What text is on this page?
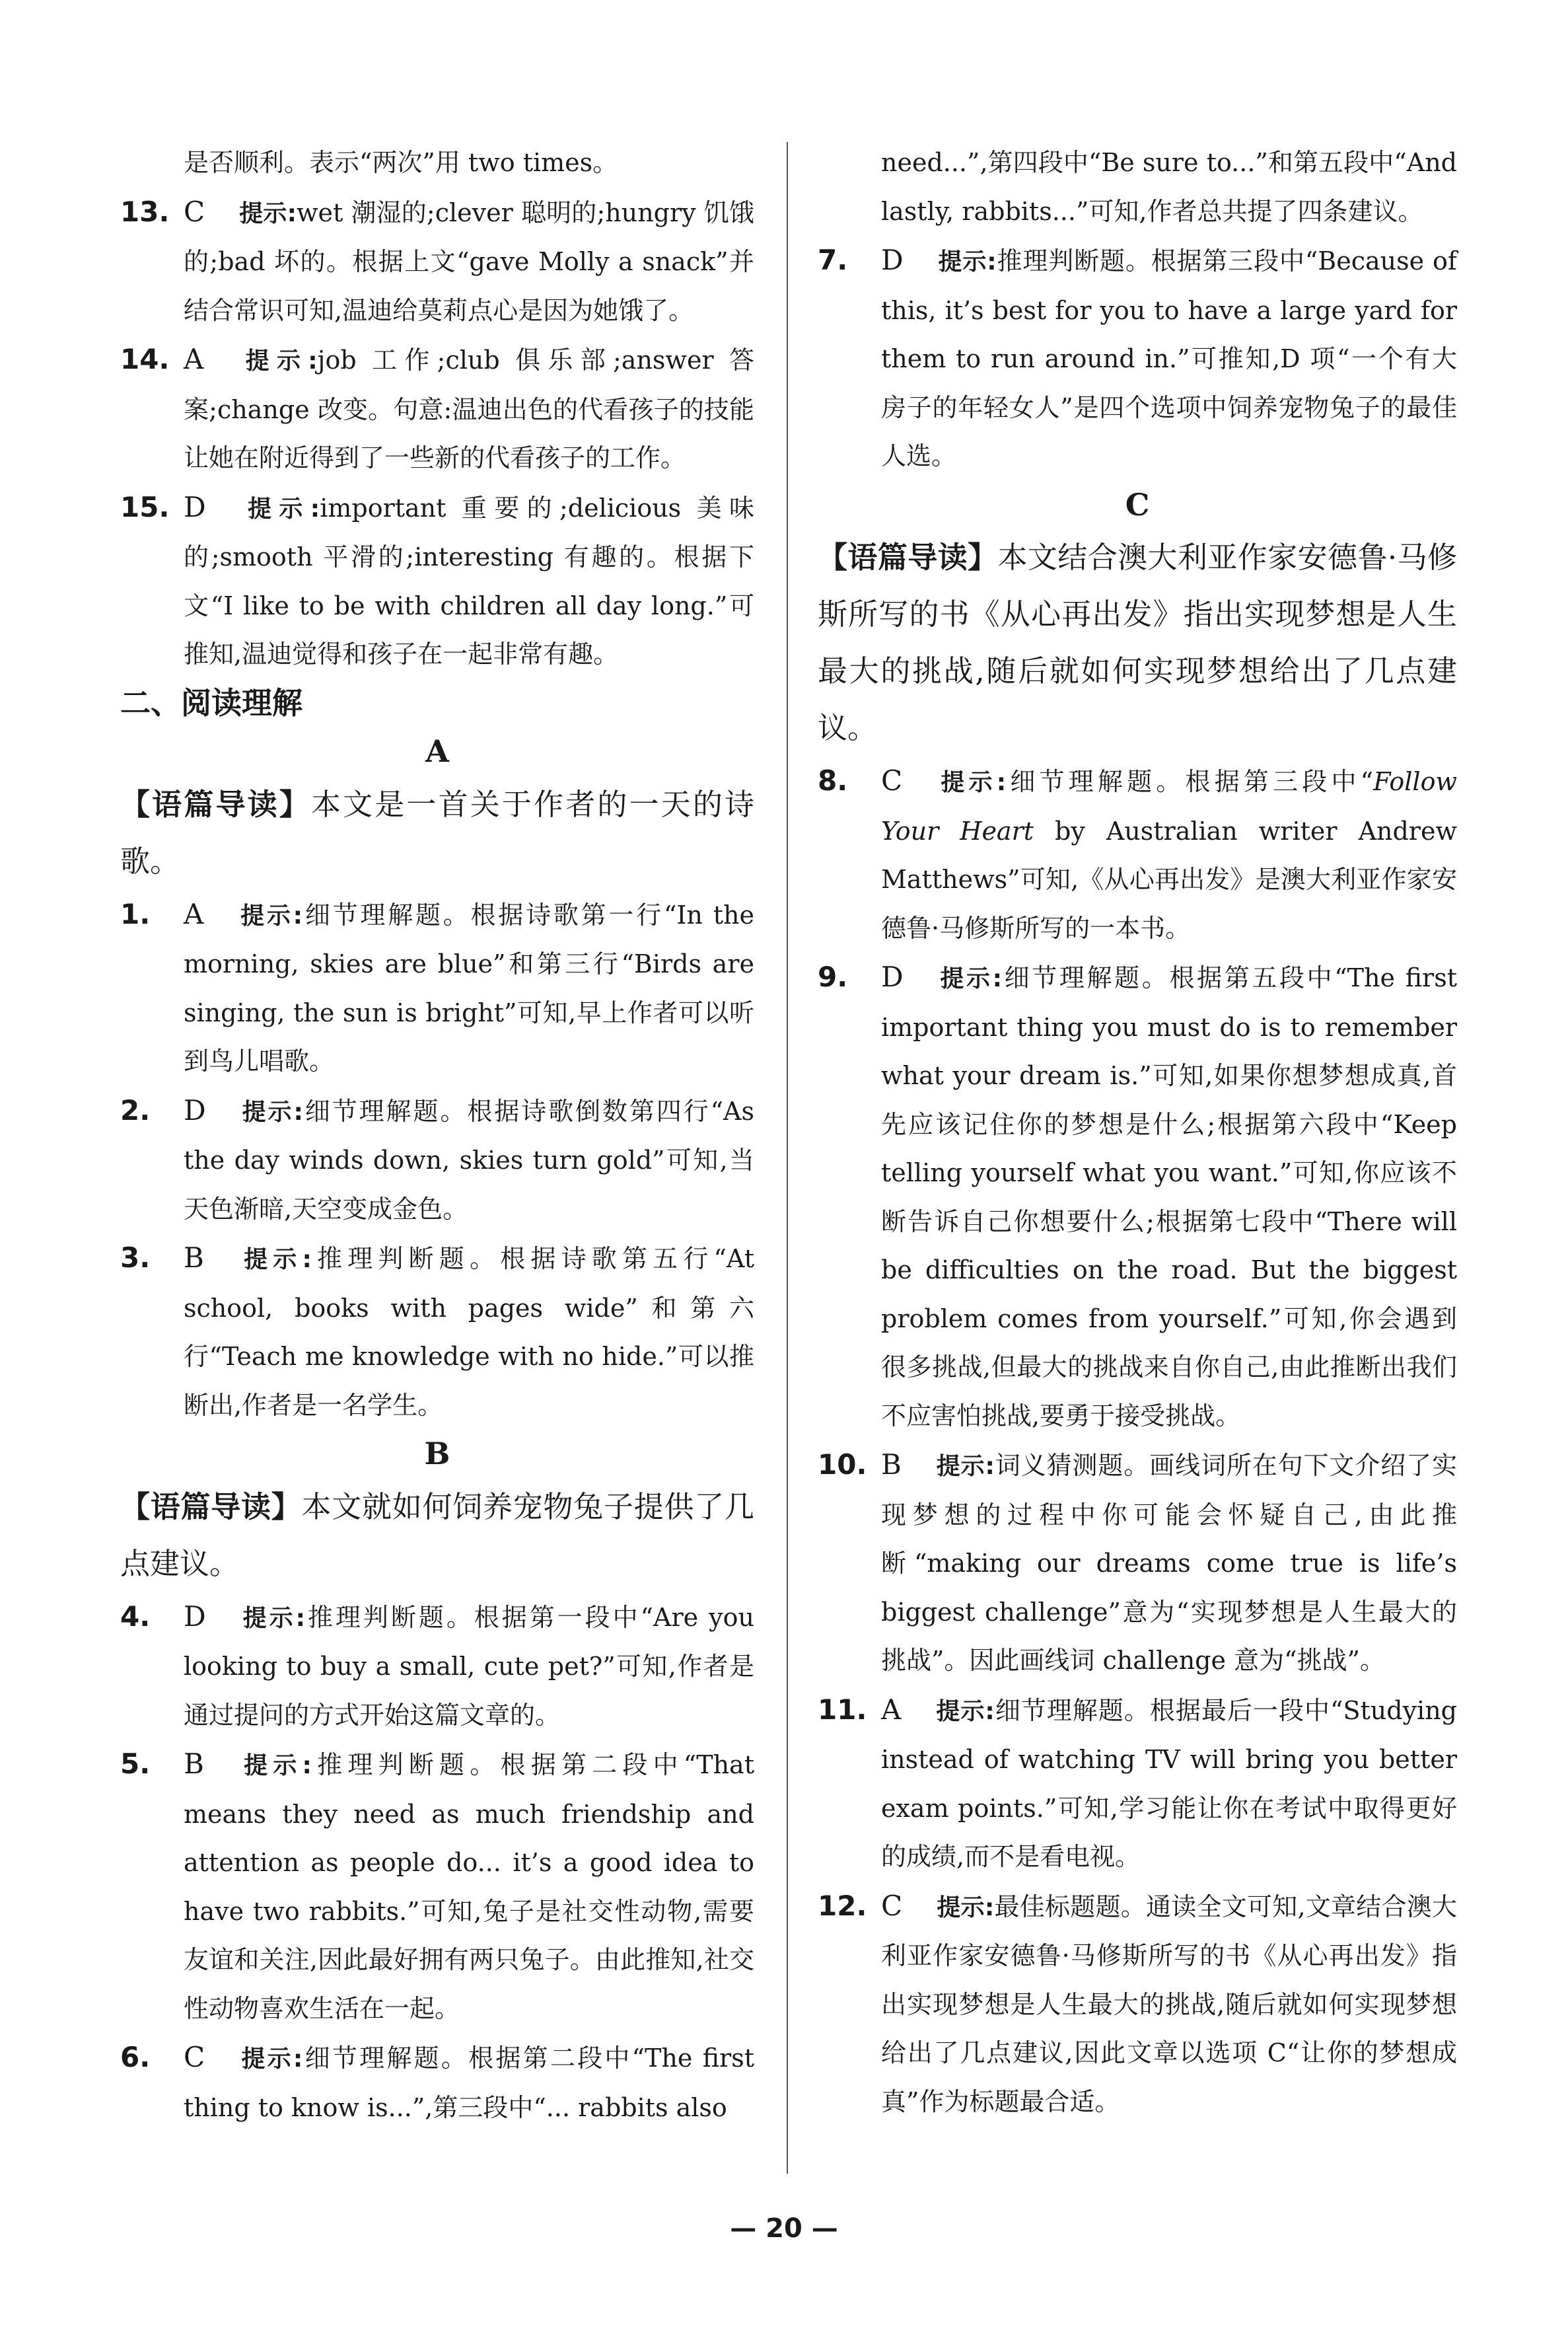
是否顺利。表示“两次”用 two times。

13. C 提示:wet 潮湿的;clever 聪明的;hungry 饥饿的;bad 坏的。根据上文“gave Molly a snack”并结合常识可知,温迪给莫莉点心是因为她饿了。
14. A 提示:job 工作;club 俱乐部;answer 答案;change 改变。句意:温迪出色的代看孩子的技能让她在附近得到了一些新的代看孩子的工作。
15. D 提示:important 重要的;delicious 美味的;smooth 平滑的;interesting 有趣的。根据下文“I like to be with children all day long.”可推知,温迪觉得和孩子在一起非常有趣。

二、阅读理解

A

【语篇导读】本文是一首关于作者的一天的诗歌。

1. A 提示:细节理解题。根据诗歌第一行“In the morning, skies are blue”和第三行“Birds are singing, the sun is bright”可知,早上作者可以听到鸟儿唱歌。
2. D 提示:细节理解题。根据诗歌倒数第四行“As the day winds down, skies turn gold”可知,当天色渐暗,天空变成金色。
3. B 提示:推理判断题。根据诗歌第五行“At school, books with pages wide”和第六行“Teach me knowledge with no hide.”可以推断出,作者是一名学生。

B

【语篇导读】本文就如何饲养宠物兔子提供了几点建议。

4. D 提示:推理判断题。根据第一段中“Are you looking to buy a small, cute pet?”可知,作者是通过提问的方式开始这篇文章的。
5. B 提示:推理判断题。根据第二段中“That means they need as much friendship and attention as people do... it’s a good idea to have two rabbits.”可知,兔子是社交性动物,需要友谊和关注,因此最好拥有两只兔子。由此推知,社交性动物喜欢生活在一起。
6. C 提示:细节理解题。根据第二段中“The first thing to know is...”,第三段中“... rabbits also

need...”,第四段中“Be sure to...”和第五段中“And lastly, rabbits...”可知,作者总共提了四条建议。

7. D 提示:推理判断题。根据第三段中“Because of this, it’s best for you to have a large yard for them to run around in.”可推知,D 项“一个有大房子的年轻女人”是四个选项中饲养宠物兔子的最佳人选。

C

【语篇导读】本文结合澳大利亚作家安德鲁·马修斯所写的书《从心再出发》指出实现梦想是人生最大的挑战,随后就如何实现梦想给出了几点建议。

8. C 提示:细节理解题。根据第三段中“Follow Your Heart by Australian writer Andrew Matthews”可知,《从心再出发》是澳大利亚作家安德鲁·马修斯所写的一本书。
9. D 提示:细节理解题。根据第五段中“The first important thing you must do is to remember what your dream is.”可知,如果你想梦想成真,首先应该记住你的梦想是什么;根据第六段中“Keep telling yourself what you want.”可知,你应该不断告诉自己你想要什么;根据第七段中“There will be difficulties on the road. But the biggest problem comes from yourself.”可知,你会遇到很多挑战,但最大的挑战来自你自己,由此推断出我们不应害怕挑战,要勇于接受挑战。
10. B 提示:词义猜测题。画线词所在句下文介绍了实现梦想的过程中你可能会怀疑自己,由此推断“making our dreams come true is life’s biggest challenge”意为“实现梦想是人生最大的挑战”。因此画线词 challenge 意为“挑战”。
11. A 提示:细节理解题。根据最后一段中“Studying instead of watching TV will bring you better exam points.”可知,学习能让你在考试中取得更好的成绩,而不是看电视。
12. C 提示:最佳标题题。通读全文可知,文章结合澳大利亚作家安德鲁·马修斯所写的书《从心再出发》指出实现梦想是人生最大的挑战,随后就如何实现梦想给出了几点建议,因此文章以选项 C“让你的梦想成真”作为标题最合适。
— 20 —
